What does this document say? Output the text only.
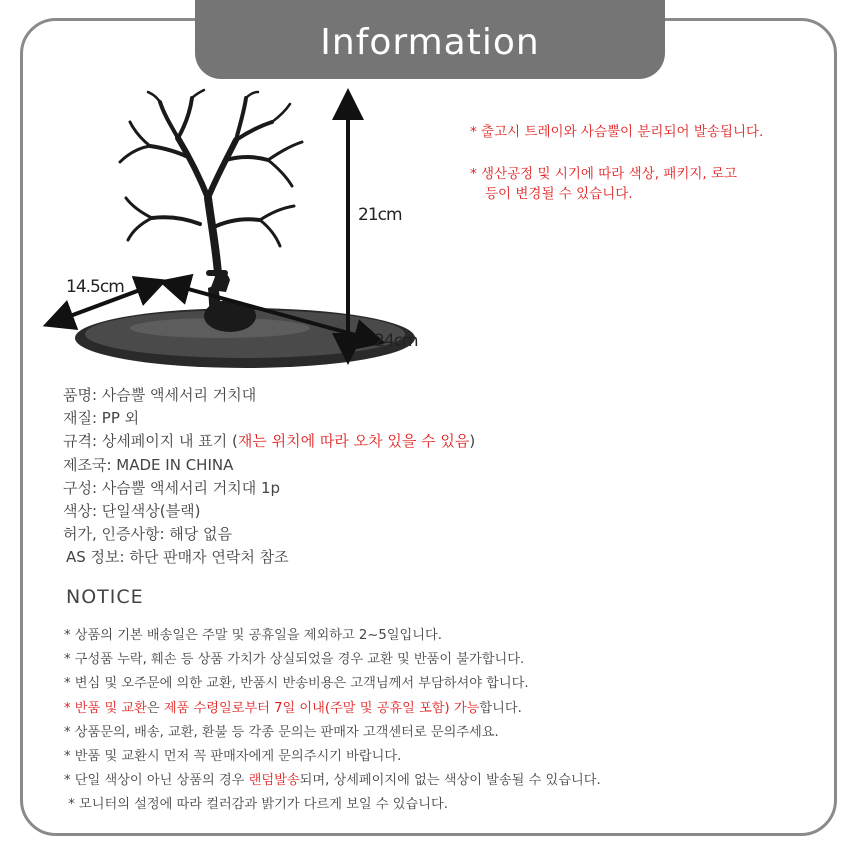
Information
21cm
14.5cm
24cm
* 출고시 트레이와 사슴뿔이 분리되어 발송됩니다.
* 생산공정 및 시기에 따라 색상, 패키지, 로고
등이 변경될 수 있습니다.
품명: 사슴뿔 액세서리 거치대
재질: PP 외
규격: 상세페이지 내 표기 (재는 위치에 따라 오차 있을 수 있음)
제조국: MADE IN CHINA
구성: 사슴뿔 액세서리 거치대 1p
색상: 단일색상(블랙)
허가, 인증사항: 해당 없음
AS 정보: 하단 판매자 연락처 참조
NOTICE
* 상품의 기본 배송일은 주말 및 공휴일을 제외하고 2~5일입니다.
* 구성품 누락, 훼손 등 상품 가치가 상실되었을 경우 교환 및 반품이 불가합니다.
* 변심 및 오주문에 의한 교환, 반품시 반송비용은 고객님께서 부담하셔야 합니다.
* 반품 및 교환은 제품 수령일로부터 7일 이내(주말 및 공휴일 포함) 가능합니다.
* 상품문의, 배송, 교환, 환불 등 각종 문의는 판매자 고객센터로 문의주세요.
* 반품 및 교환시 먼저 꼭 판매자에게 문의주시기 바랍니다.
* 단일 색상이 아닌 상품의 경우 랜덤발송되며, 상세페이지에 없는 색상이 발송될 수 있습니다.
* 모니터의 설정에 따라 컬러감과 밝기가 다르게 보일 수 있습니다.
